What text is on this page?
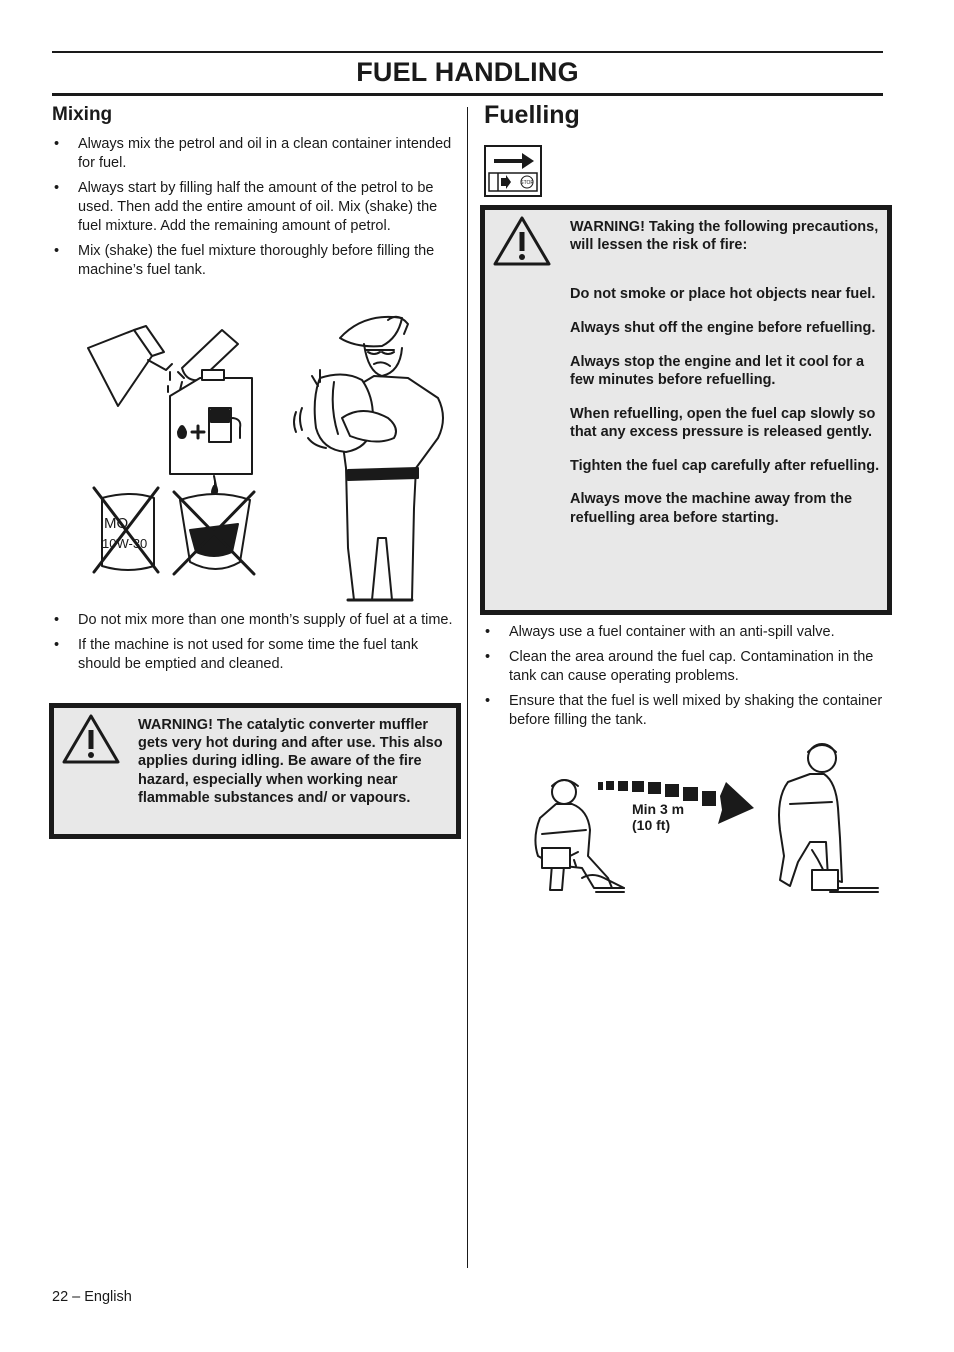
FUEL HANDLING
Mixing
• Always mix the petrol and oil in a clean container intended for fuel.
• Always start by filling half the amount of the petrol to be used. Then add the entire amount of oil. Mix (shake) the fuel mixture. Add the remaining amount of petrol.
• Mix (shake) the fuel mixture thoroughly before filling the machine’s fuel tank.
MO
10W-30
• Do not mix more than one month’s supply of fuel at a time.
• If the machine is not used for some time the fuel tank should be emptied and cleaned.
WARNING! The catalytic converter muffler gets very hot during and after use. This also applies during idling. Be aware of the fire hazard, especially when working near flammable substances and/ or vapours.
Fuelling
STOP

WARNING! Taking the following precautions, will lessen the risk of fire:

Do not smoke or place hot objects near fuel.

Always shut off the engine before refuelling.

Always stop the engine and let it cool for a few minutes before refuelling.

When refuelling, open the fuel cap slowly so that any excess pressure is released gently.

Tighten the fuel cap carefully after refuelling.

Always move the machine away from the refuelling area before starting.

• Always use a fuel container with an anti-spill valve.
• Clean the area around the fuel cap. Contamination in the tank can cause operating problems.
• Ensure that the fuel is well mixed by shaking the container before filling the tank.
Min 3 m
(10 ft)
22 – English
